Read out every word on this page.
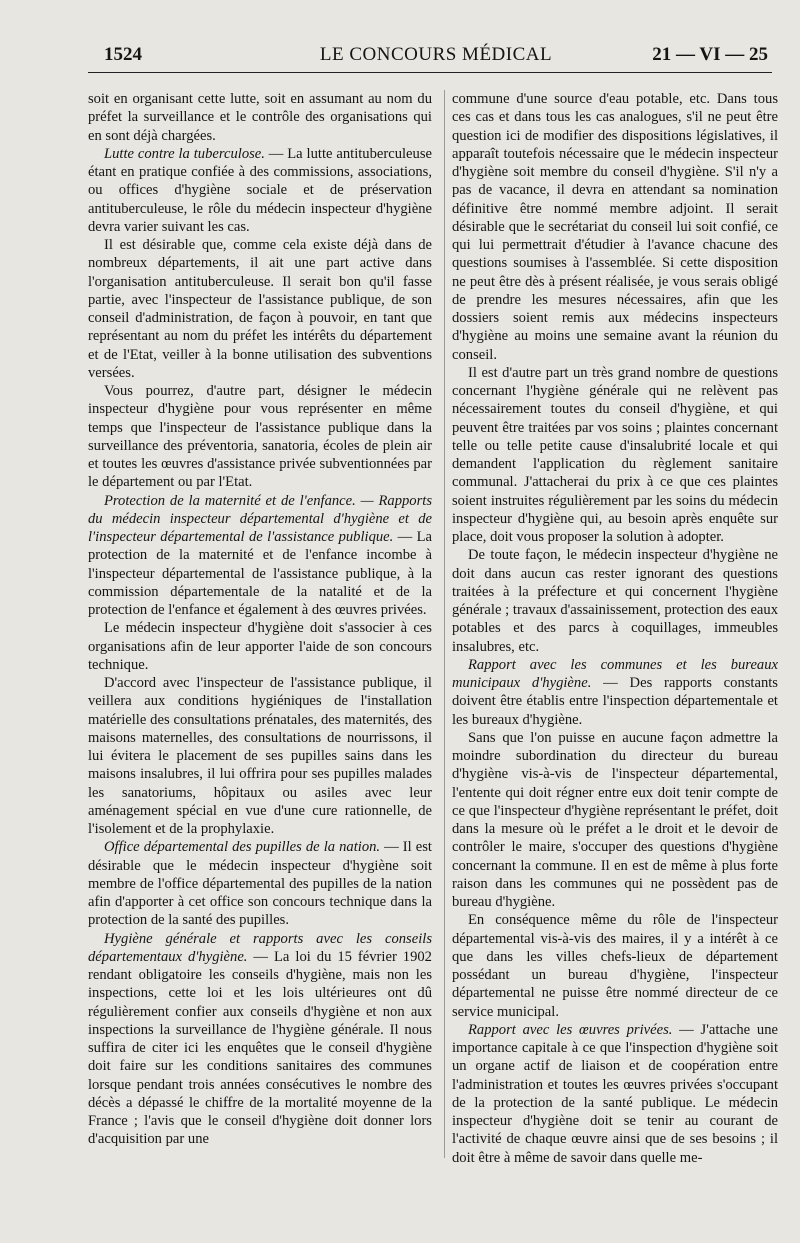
1524	LE CONCOURS MÉDICAL	21 — VI — 25

soit en organisant cette lutte, soit en assumant au nom du préfet la surveillance et le contrôle des organisations qui en sont déjà chargées.

Lutte contre la tuberculose. — La lutte antituberculeuse étant en pratique confiée à des commissions, associations, ou offices d'hygiène sociale et de préservation antituberculeuse, le rôle du médecin inspecteur d'hygiène devra varier suivant les cas.

Il est désirable que, comme cela existe déjà dans de nombreux départements, il ait une part active dans l'organisation antituberculeuse. Il serait bon qu'il fasse partie, avec l'inspecteur de l'assistance publique, de son conseil d'administration, de façon à pouvoir, en tant que représentant au nom du préfet les intérêts du département et de l'Etat, veiller à la bonne utilisation des subventions versées.

Vous pourrez, d'autre part, désigner le médecin inspecteur d'hygiène pour vous représenter en même temps que l'inspecteur de l'assistance publique dans la surveillance des préventoria, sanatoria, écoles de plein air et toutes les œuvres d'assistance privée subventionnées par le département ou par l'Etat.

Protection de la maternité et de l'enfance. — Rapports du médecin inspecteur départemental d'hygiène et de l'inspecteur départemental de l'assistance publique. — La protection de la maternité et de l'enfance incombe à l'inspecteur départemental de l'assistance publique, à la commission départementale de la natalité et de la protection de l'enfance et également à des œuvres privées.

Le médecin inspecteur d'hygiène doit s'associer à ces organisations afin de leur apporter l'aide de son concours technique.

D'accord avec l'inspecteur de l'assistance publique, il veillera aux conditions hygiéniques de l'installation matérielle des consultations prénatales, des maternités, des maisons maternelles, des consultations de nourrissons, il lui évitera le placement de ses pupilles sains dans les maisons insalubres, il lui offrira pour ses pupilles malades les sanatoriums, hôpitaux ou asiles avec leur aménagement spécial en vue d'une cure rationnelle, de l'isolement et de la prophylaxie.

Office départemental des pupilles de la nation. — Il est désirable que le médecin inspecteur d'hygiène soit membre de l'office départemental des pupilles de la nation afin d'apporter à cet office son concours technique dans la protection de la santé des pupilles.

Hygiène générale et rapports avec les conseils départementaux d'hygiène. — La loi du 15 février 1902 rendant obligatoire les conseils d'hygiène, mais non les inspections, cette loi et les lois ultérieures ont dû régulièrement confier aux conseils d'hygiène et non aux inspections la surveillance de l'hygiène générale. Il nous suffira de citer ici les enquêtes que le conseil d'hygiène doit faire sur les conditions sanitaires des communes lorsque pendant trois années consécutives le nombre des décès a dépassé le chiffre de la mortalité moyenne de la France ; l'avis que le conseil d'hygiène doit donner lors d'acquisition par une

commune d'une source d'eau potable, etc. Dans tous ces cas et dans tous les cas analogues, s'il ne peut être question ici de modifier des dispositions législatives, il apparaît toutefois nécessaire que le médecin inspecteur d'hygiène soit membre du conseil d'hygiène. S'il n'y a pas de vacance, il devra en attendant sa nomination définitive être nommé membre adjoint. Il serait désirable que le secrétariat du conseil lui soit confié, ce qui lui permettrait d'étudier à l'avance chacune des questions soumises à l'assemblée. Si cette disposition ne peut être dès à présent réalisée, je vous serais obligé de prendre les mesures nécessaires, afin que les dossiers soient remis aux médecins inspecteurs d'hygiène au moins une semaine avant la réunion du conseil.

Il est d'autre part un très grand nombre de questions concernant l'hygiène générale qui ne relèvent pas nécessairement toutes du conseil d'hygiène, et qui peuvent être traitées par vos soins ; plaintes concernant telle ou telle petite cause d'insalubrité locale et qui demandent l'application du règlement sanitaire communal. J'attacherai du prix à ce que ces plaintes soient instruites régulièrement par les soins du médecin inspecteur d'hygiène qui, au besoin après enquête sur place, doit vous proposer la solution à adopter.

De toute façon, le médecin inspecteur d'hygiène ne doit dans aucun cas rester ignorant des questions traitées à la préfecture et qui concernent l'hygiène générale ; travaux d'assainissement, protection des eaux potables et des parcs à coquillages, immeubles insalubres, etc.

Rapport avec les communes et les bureaux municipaux d'hygiène. — Des rapports constants doivent être établis entre l'inspection départementale et les bureaux d'hygiène.

Sans que l'on puisse en aucune façon admettre la moindre subordination du directeur du bureau d'hygiène vis-à-vis de l'inspecteur départemental, l'entente qui doit régner entre eux doit tenir compte de ce que l'inspecteur d'hygiène représentant le préfet, doit dans la mesure où le préfet a le droit et le devoir de contrôler le maire, s'occuper des questions d'hygiène concernant la commune. Il en est de même à plus forte raison dans les communes qui ne possèdent pas de bureau d'hygiène.

En conséquence même du rôle de l'inspecteur départemental vis-à-vis des maires, il y a intérêt à ce que dans les villes chefs-lieux de département possédant un bureau d'hygiène, l'inspecteur départemental ne puisse être nommé directeur de ce service municipal.

Rapport avec les œuvres privées. — J'attache une importance capitale à ce que l'inspection d'hygiène soit un organe actif de liaison et de coopération entre l'administration et toutes les œuvres privées s'occupant de la protection de la santé publique. Le médecin inspecteur d'hygiène doit se tenir au courant de l'activité de chaque œuvre ainsi que de ses besoins ; il doit être à même de savoir dans quelle me-
